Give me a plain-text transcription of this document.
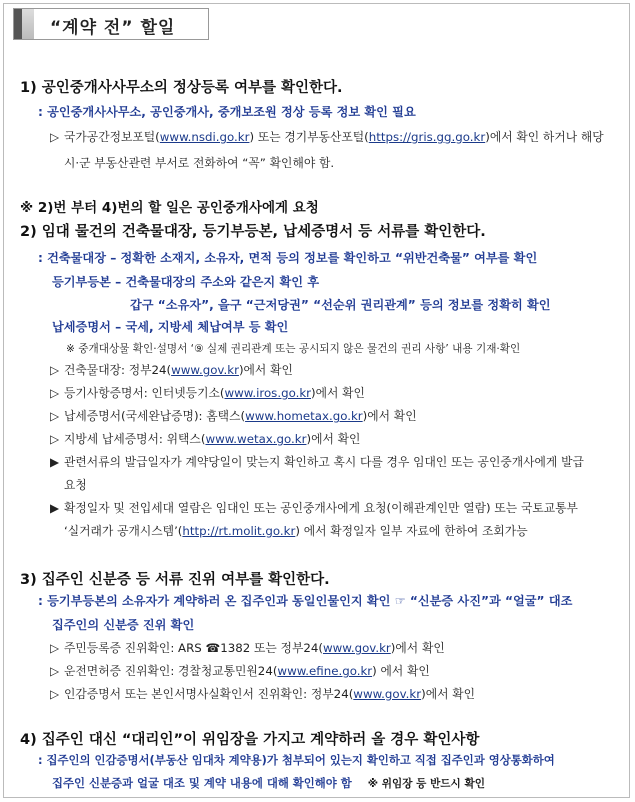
“계약 전” 할일
1) 공인중개사사무소의 정상등록 여부를 확인한다.
: 공인중개사사무소, 공인중개사, 중개보조원 정상 등록 정보 확인 필요
▷ 국가공간정보포털(www.nsdi.go.kr) 또는 경기부동산포털(https://gris.gg.go.kr)에서 확인 하거나 해당
시·군 부동산관련 부서로 전화하여 “꼭” 확인해야 함.
※ 2)번 부터 4)번의 할 일은 공인중개사에게 요청
2) 임대 물건의 건축물대장, 등기부등본, 납세증명서 등 서류를 확인한다.
: 건축물대장 – 정확한 소재지, 소유자, 면적 등의 정보를 확인하고 “위반건축물” 여부를 확인
등기부등본 – 건축물대장의 주소와 같은지 확인 후
갑구 “소유자”, 을구 “근저당권” “선순위 권리관계” 등의 정보를 정확히 확인
납세증명서 – 국세, 지방세 체납여부 등 확인
※ 중개대상물 확인·설명서 ‘⑨ 실제 권리관계 또는 공시되지 않은 물건의 권리 사항’ 내용 기재·확인
▷ 건축물대장: 정부24(www.gov.kr)에서 확인
▷ 등기사항증명서: 인터넷등기소(www.iros.go.kr)에서 확인
▷ 납세증명서(국세완납증명): 홈택스(www.hometax.go.kr)에서 확인
▷ 지방세 납세증명서: 위택스(www.wetax.go.kr)에서 확인
▶ 관련서류의 발급일자가 계약당일이 맞는지 확인하고 혹시 다를 경우 임대인 또는 공인중개사에게 발급
요청
▶ 확정일자 및 전입세대 열람은 임대인 또는 공인중개사에게 요청(이해관계인만 열람) 또는 국토교통부
‘실거래가 공개시스템’(http://rt.molit.go.kr) 에서 확정일자 일부 자료에 한하여 조회가능
3) 집주인 신분증 등 서류 진위 여부를 확인한다.
: 등기부등본의 소유자가 계약하러 온 집주인과 동일인물인지 확인 ☞ “신분증 사진”과 “얼굴” 대조
집주인의 신분증 진위 확인
▷ 주민등록증 진위확인: ARS ☎1382 또는 정부24(www.gov.kr)에서 확인
▷ 운전면허증 진위확인: 경찰청교통민원24(www.efine.go.kr) 에서 확인
▷ 인감증명서 또는 본인서명사실확인서 진위확인: 정부24(www.gov.kr)에서 확인
4) 집주인 대신 “대리인”이 위임장을 가지고 계약하러 올 경우 확인사항
: 집주인의 인감증명서(부동산 임대차 계약용)가 첨부되어 있는지 확인하고 직접 집주인과 영상통화하여
집주인 신분증과 얼굴 대조 및 계약 내용에 대해 확인해야 함 ※ 위임장 등 반드시 확인
